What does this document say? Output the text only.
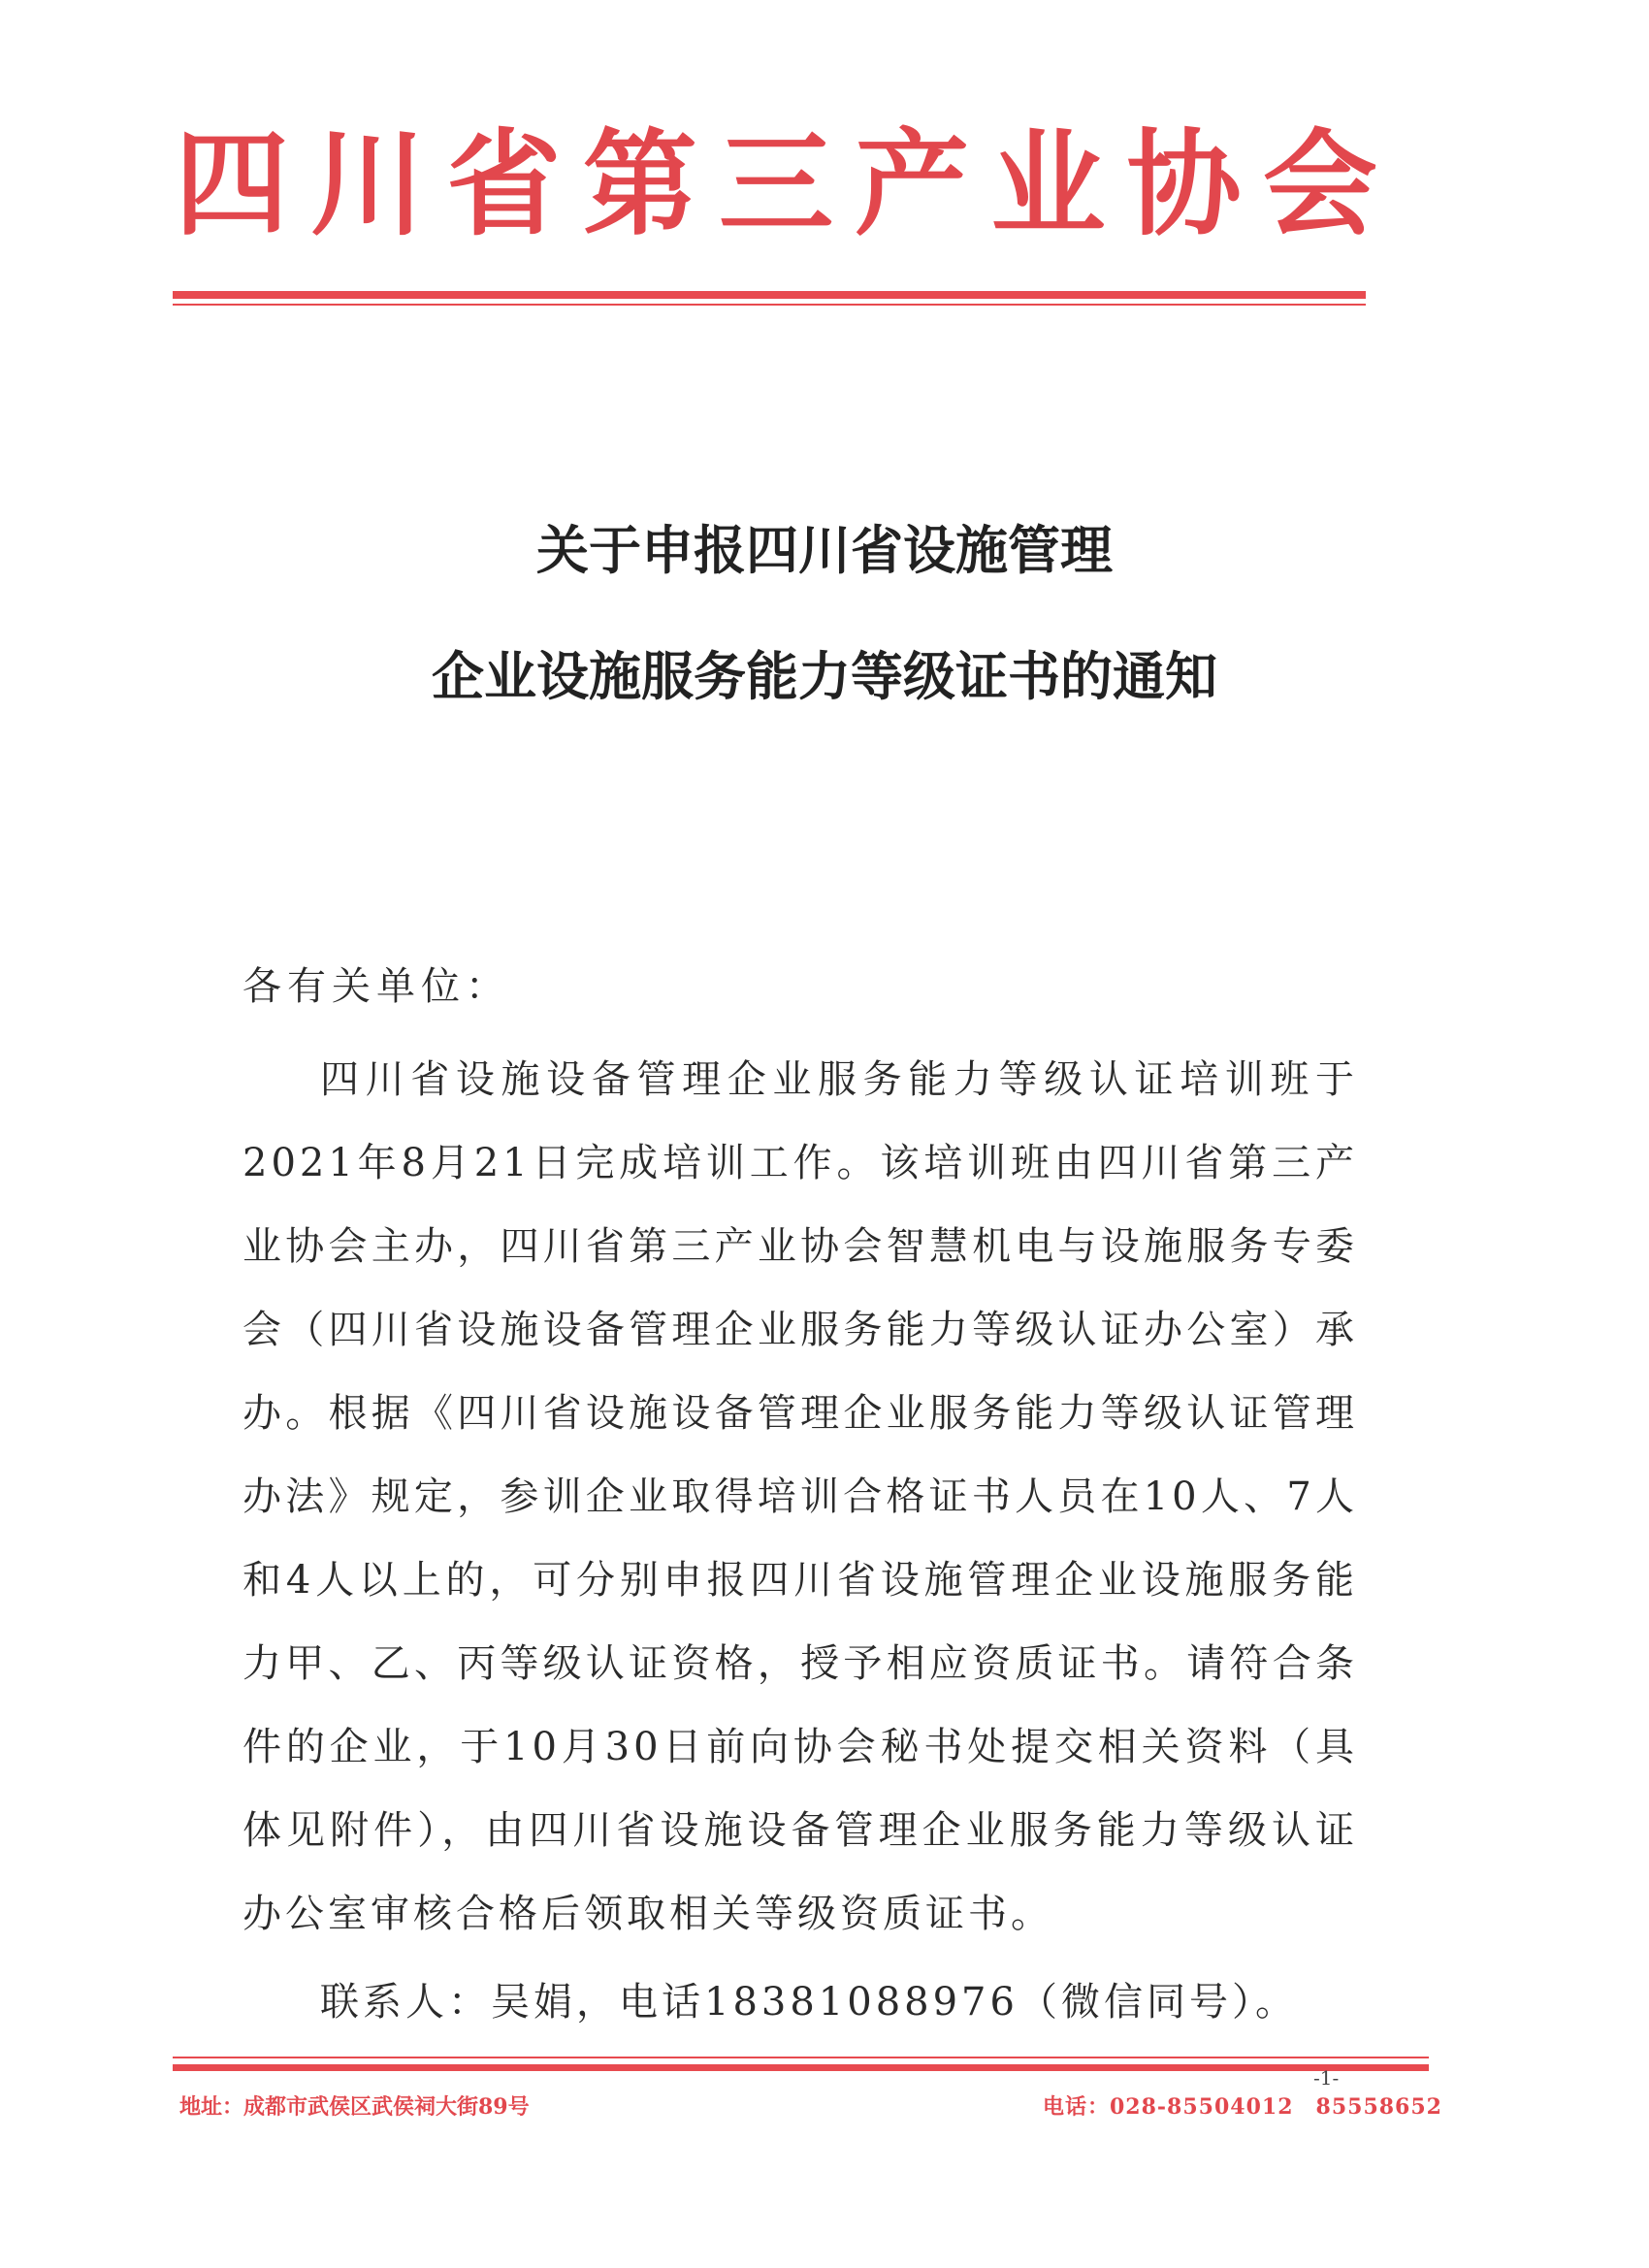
四 川 省 第 三 产 业 协 会
关于申报四川省设施管理
企业设施服务能力等级证书的通知
各有关单位：
四川省设施设备管理企业服务能力等级认证培训班于2021年8月21日完成培训工作。该培训班由四川省第三产业协会主办，四川省第三产业协会智慧机电与设施服务专委会（四川省设施设备管理企业服务能力等级认证办公室）承办。根据《四川省设施设备管理企业服务能力等级认证管理办法》规定，参训企业取得培训合格证书人员在10人、7人和4人以上的，可分别申报四川省设施管理企业设施服务能力甲、乙、丙等级认证资格，授予相应资质证书。请符合条件的企业，于10月30日前向协会秘书处提交相关资料（具体见附件），由四川省设施设备管理企业服务能力等级认证办公室审核合格后领取相关等级资质证书。
联系人：吴娟，电话18381088976（微信同号）。
-1-
地址：成都市武侯区武侯祠大街89号	电话：028-85504012　85558652
